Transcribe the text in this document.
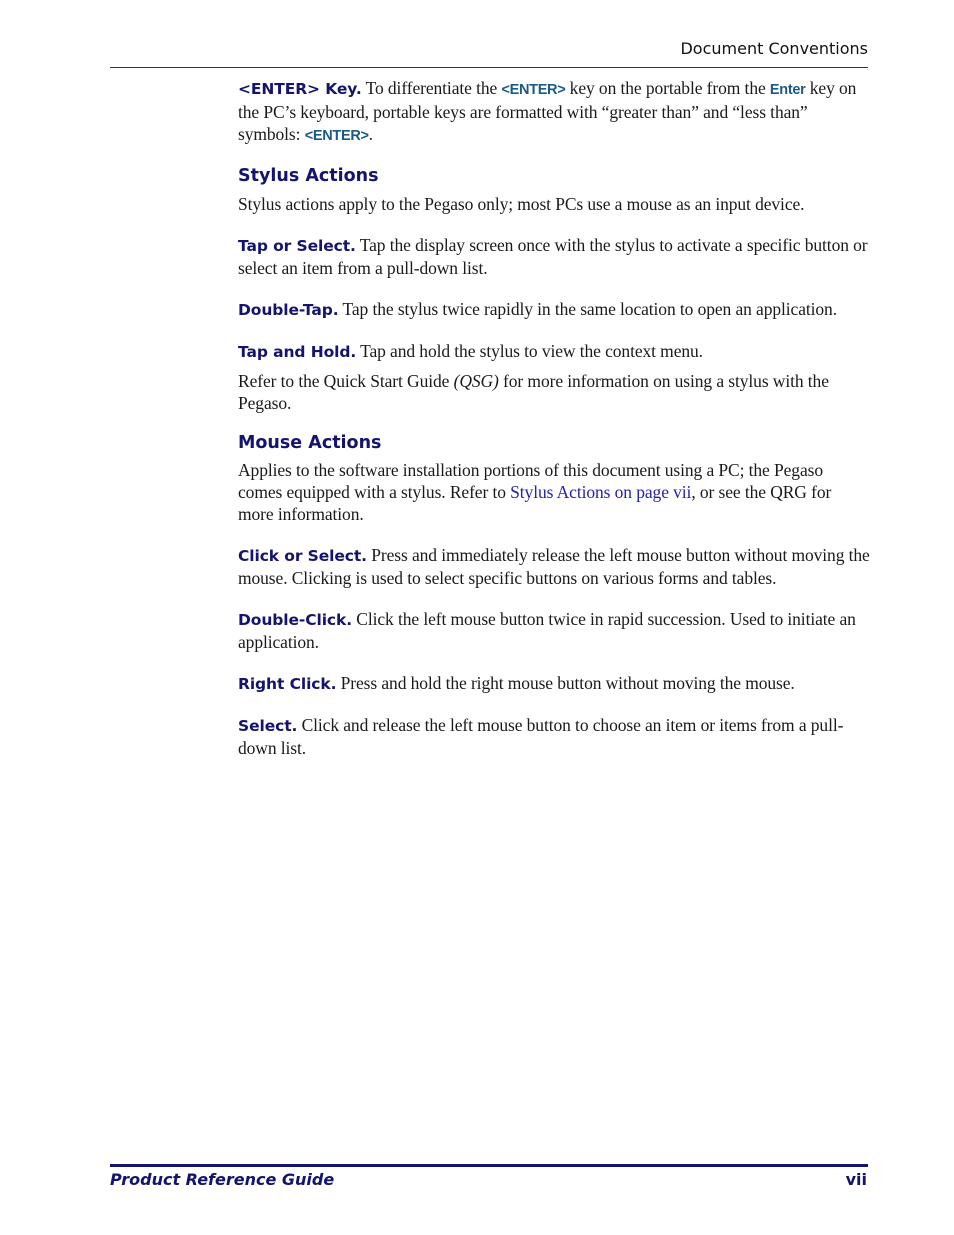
Document Conventions

<ENTER> Key. To differentiate the <ENTER> key on the portable from the Enter key on the PC’s keyboard, portable keys are formatted with “greater than” and “less than” symbols: <ENTER>.

Stylus Actions

Stylus actions apply to the Pegaso only; most PCs use a mouse as an input device.

Tap or Select. Tap the display screen once with the stylus to activate a specific button or select an item from a pull-down list.

Double-Tap. Tap the stylus twice rapidly in the same location to open an application.

Tap and Hold. Tap and hold the stylus to view the context menu.

Refer to the Quick Start Guide (QSG) for more information on using a stylus with the Pegaso.

Mouse Actions

Applies to the software installation portions of this document using a PC; the Pegaso comes equipped with a stylus. Refer to Stylus Actions on page vii, or see the QRG for more information.

Click or Select. Press and immediately release the left mouse button without moving the mouse. Clicking is used to select specific buttons on various forms and tables.

Double-Click. Click the left mouse button twice in rapid succession. Used to initiate an application.

Right Click. Press and hold the right mouse button without moving the mouse.

Select. Click and release the left mouse button to choose an item or items from a pull-down list.

Product Reference Guide	vii
